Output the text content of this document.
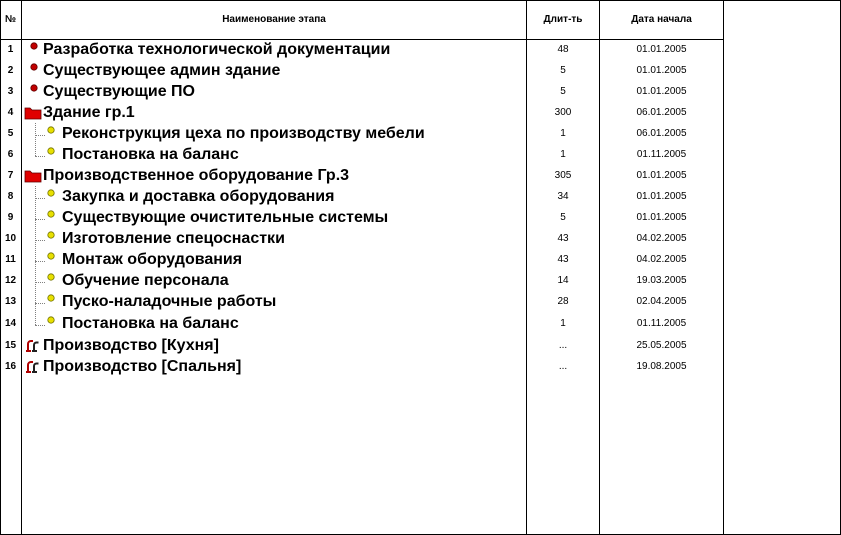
№	Наименование этапа	Длит-ть	Дата начала
1	Разработка технологической документации	48	01.01.2005
2	Существующее админ здание	5	01.01.2005
3	Существующие ПО	5	01.01.2005
4	Здание гр.1	300	06.01.2005
5	Реконструкция цеха по производству мебели	1	06.01.2005
6	Постановка на баланс	1	01.11.2005
7	Производственное оборудование Гр.3	305	01.01.2005
8	Закупка и доставка оборудования	34	01.01.2005
9	Существующие очистительные системы	5	01.01.2005
10	Изготовление спецоснастки	43	04.02.2005
11	Монтаж оборудования	43	04.02.2005
12	Обучение персонала	14	19.03.2005
13	Пуско-наладочные работы	28	02.04.2005
14	Постановка на баланс	1	01.11.2005
15	Производство [Кухня]	...	25.05.2005
16	Производство [Спальня]	...	19.08.2005
